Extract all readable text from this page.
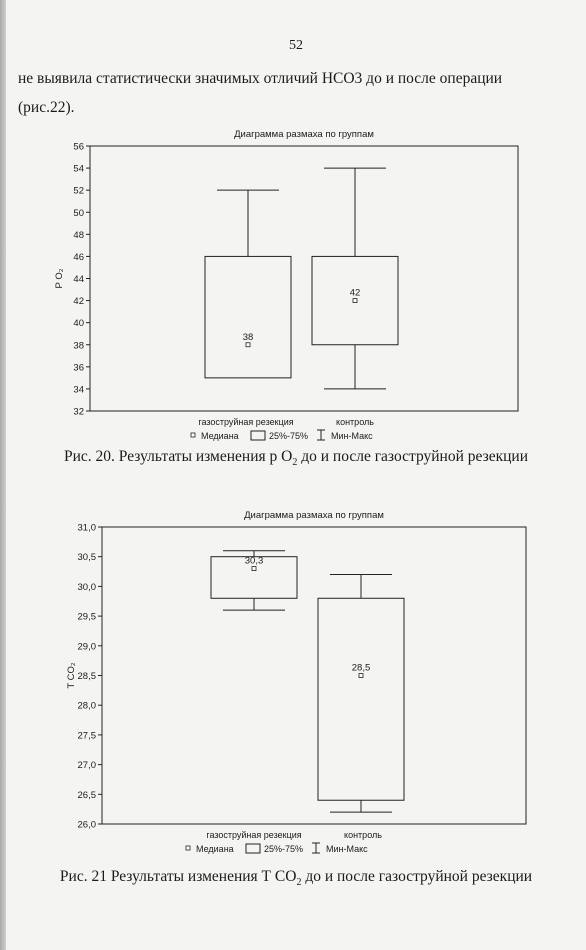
52
не выявила статистически значимых отличий НСО3 до и после операции
(рис.22).
Диаграмма размаха по группам
32
34
36
38
40
42
44
46
48
50
52
54
56
P O₂
38
газоструйная резекция
42
контроль
Медиана	25%-75%	Мин-Макс
Диаграмма размаха по группам
26,0
26,5
27,0
27,5
28,0
28,5
29,0
29,5
30,0
30,5
31,0
T CO₂
30,3
газоструйная резекция
28,5
контроль
Медиана	25%-75%	Мин-Макс
Рис. 20. Результаты изменения р $O_2$ до и после газоструйной резекции
Рис. 21 Результаты изменения Т $СО_2$ до и после газоструйной резекции
